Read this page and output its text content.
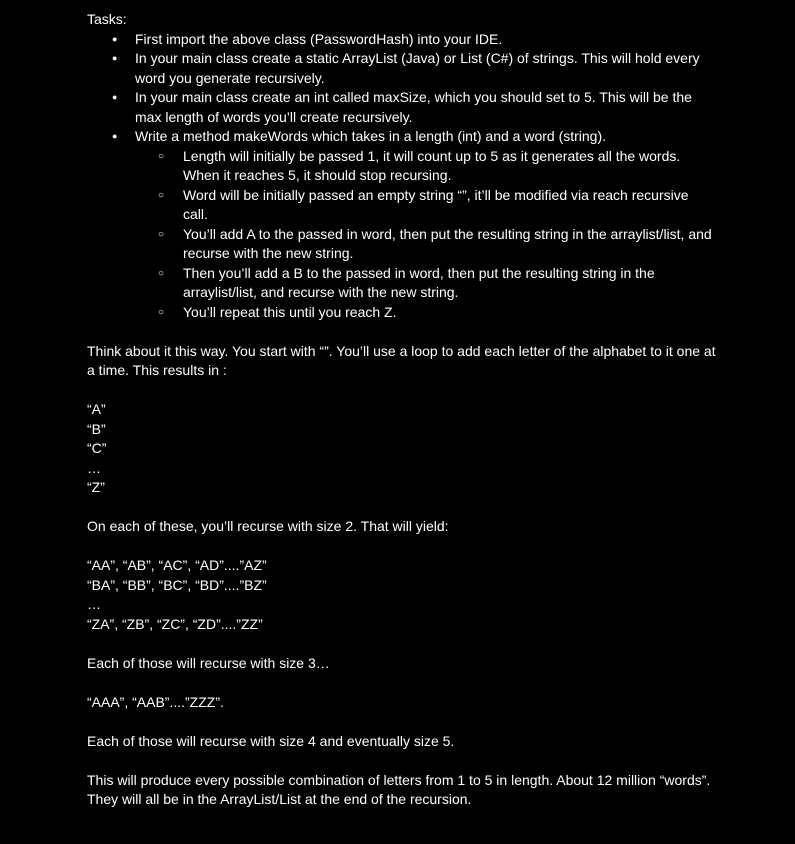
Tasks:
● First import the above class (PasswordHash) into your IDE.
● In your main class create a static ArrayList (Java) or List (C#) of strings. This will hold every word you generate recursively.
● In your main class create an int called maxSize, which you should set to 5. This will be the max length of words you’ll create recursively.
● Write a method makeWords which takes in a length (int) and a word (string).
○ Length will initially be passed 1, it will count up to 5 as it generates all the words. When it reaches 5, it should stop recursing.
○ Word will be initially passed an empty string “”, it’ll be modified via reach recursive call.
○ You’ll add A to the passed in word, then put the resulting string in the arraylist/list, and recurse with the new string.
○ Then you’ll add a B to the passed in word, then put the resulting string in the arraylist/list, and recurse with the new string.
○ You’ll repeat this until you reach Z.
Think about it this way. You start with “”. You’ll use a loop to add each letter of the alphabet to it one at a time. This results in :
“A”
“B”
“C”
…
“Z”
On each of these, you’ll recurse with size 2. That will yield:
“AA”, “AB”, “AC”, “AD”....”AZ”
“BA”, “BB”, “BC”, “BD”....”BZ”
…
“ZA”, “ZB”, “ZC”, “ZD”....”ZZ”
Each of those will recurse with size 3…
“AAA”, “AAB”....”ZZZ”.
Each of those will recurse with size 4 and eventually size 5.
This will produce every possible combination of letters from 1 to 5 in length. About 12 million “words”. They will all be in the ArrayList/List at the end of the recursion.
